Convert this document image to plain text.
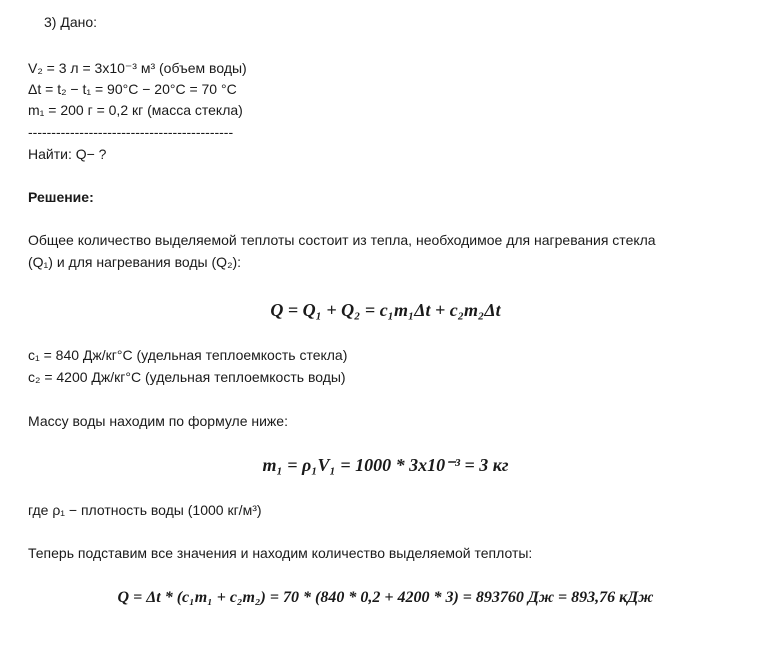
3) Дано:
V₂ = 3 л = 3х10⁻³ м³ (объем воды)
Δt = t₂ − t₁ = 90°C − 20°C = 70 °C
m₁ = 200 г = 0,2 кг (масса стекла)
--------------------------------------------
Найти: Q− ?
Решение:
Общее количество выделяемой теплоты состоит из тепла, необходимое для нагревания стекла
(Q₁) и для нагревания воды (Q₂):
Q = Q₁ + Q₂ = c₁m₁Δt + c₂m₂Δt
c₁ = 840 Дж/кг°С (удельная теплоемкость стекла)
c₂ = 4200 Дж/кг°С (удельная теплоемкость воды)
Массу воды находим по формуле ниже:
m₁ = ρ₁V₁ = 1000 * 3х10⁻³ = 3 кг
где ρ₁ − плотность воды (1000 кг/м³)
Теперь подставим все значения и находим количество выделяемой теплоты:
Q = Δt * (c₁m₁ + c₂m₂) = 70 * (840 * 0,2 + 4200 * 3) = 893760 Дж = 893,76 кДж
